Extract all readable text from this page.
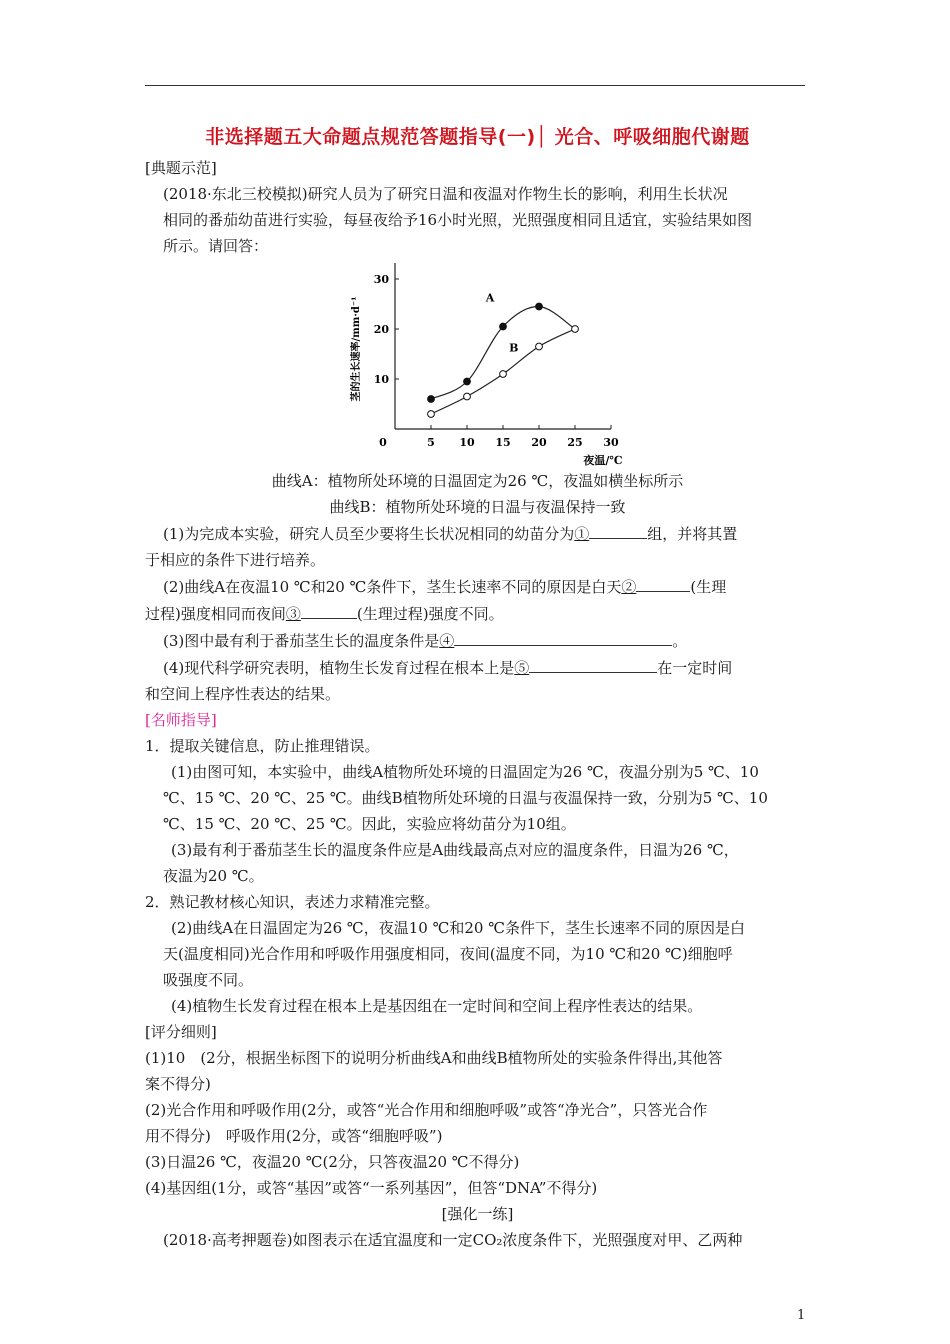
非选择题五大命题点规范答题指导(一)│ 光合、呼吸细胞代谢题

[典题示范]

(2018·东北三校模拟)研究人员为了研究日温和夜温对作物生长的影响，利用生长状况

相同的番茄幼苗进行实验，每昼夜给予16小时光照，光照强度相同且适宜，实验结果如图

所示。请回答：

0	5 10 15 20 25 30
10
20
30
夜温/℃
茎的生长速率/mm·d⁻¹	A
B

曲线A：植物所处环境的日温固定为26 ℃，夜温如横坐标所示

曲线B：植物所处环境的日温与夜温保持一致

(1)为完成本实验，研究人员至少要将生长状况相同的幼苗分为①	组，并将其置

于相应的条件下进行培养。

(2)曲线A在夜温10 ℃和20 ℃条件下，茎生长速率不同的原因是白天②	(生理

过程)强度相同而夜间③	(生理过程)强度不同。

(3)图中最有利于番茄茎生长的温度条件是④	。

(4)现代科学研究表明，植物生长发育过程在根本上是⑤	在一定时间

和空间上程序性表达的结果。

[名师指导]

1．提取关键信息，防止推理错误。

(1)由图可知，本实验中，曲线A植物所处环境的日温固定为26 ℃，夜温分别为5 ℃、10

℃、15 ℃、20 ℃、25 ℃。曲线B植物所处环境的日温与夜温保持一致，分别为5 ℃、10

℃、15 ℃、20 ℃、25 ℃。因此，实验应将幼苗分为10组。

(3)最有利于番茄茎生长的温度条件应是A曲线最高点对应的温度条件，日温为26 ℃，

夜温为20 ℃。

2．熟记教材核心知识，表述力求精准完整。

(2)曲线A在日温固定为26 ℃，夜温10 ℃和20 ℃条件下，茎生长速率不同的原因是白

天(温度相同)光合作用和呼吸作用强度相同，夜间(温度不同，为10 ℃和20 ℃)细胞呼

吸强度不同。

(4)植物生长发育过程在根本上是基因组在一定时间和空间上程序性表达的结果。

[评分细则]

(1)10　(2分，根据坐标图下的说明分析曲线A和曲线B植物所处的实验条件得出,其他答

案不得分)

(2)光合作用和呼吸作用(2分，或答“光合作用和细胞呼吸”或答“净光合”，只答光合作

用不得分)　呼吸作用(2分，或答“细胞呼吸”)

(3)日温26 ℃，夜温20 ℃(2分，只答夜温20 ℃不得分)

(4)基因组(1分，或答“基因”或答“一系列基因”，但答“DNA”不得分)

[强化一练]

(2018·高考押题卷)如图表示在适宜温度和一定CO₂浓度条件下，光照强度对甲、乙两种

1
